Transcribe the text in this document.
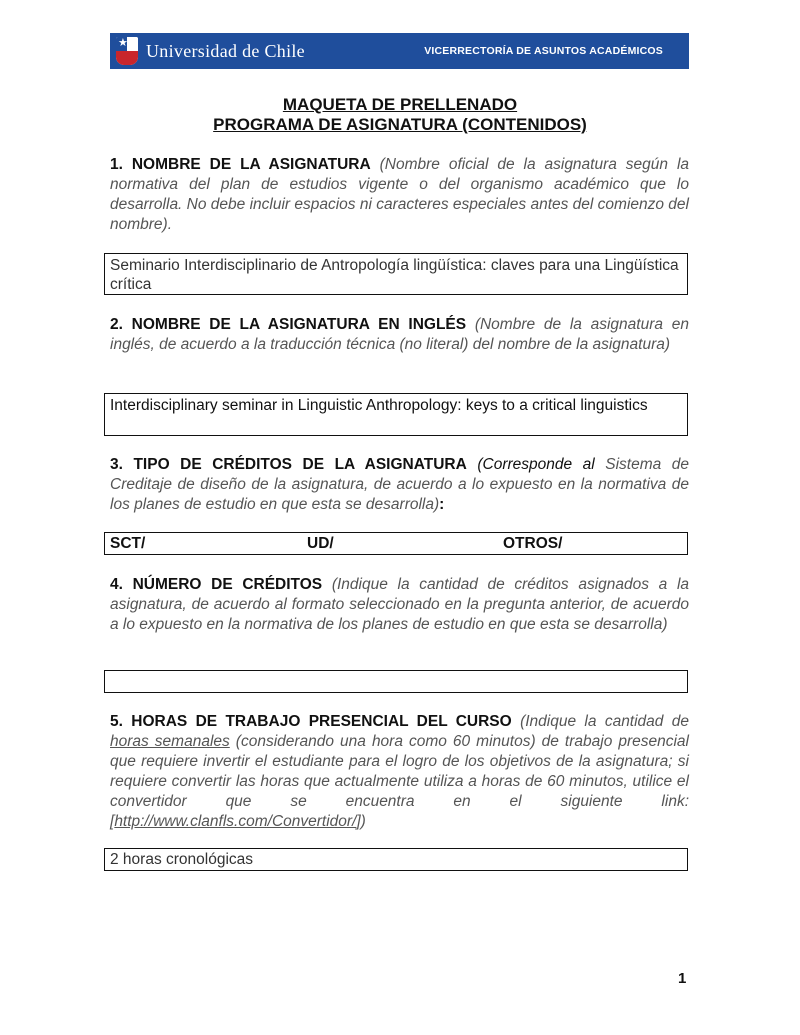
★ Universidad de Chile	VICERRECTORÍA DE ASUNTOS ACADÉMICOS
MAQUETA DE PRELLENADO
PROGRAMA DE ASIGNATURA (CONTENIDOS)
1. NOMBRE DE LA ASIGNATURA (Nombre oficial de la asignatura según la normativa del plan de estudios vigente o del organismo académico que lo desarrolla. No debe incluir espacios ni caracteres especiales antes del comienzo del nombre).
Seminario Interdisciplinario de Antropología lingüística: claves para una Lingüística crítica
2. NOMBRE DE LA ASIGNATURA EN INGLÉS (Nombre de la asignatura en inglés, de acuerdo a la traducción técnica (no literal) del nombre de la asignatura)
Interdisciplinary seminar in Linguistic Anthropology: keys to a critical linguistics
3. TIPO DE CRÉDITOS DE LA ASIGNATURA (Corresponde al Sistema de Creditaje de diseño de la asignatura, de acuerdo a lo expuesto en la normativa de los planes de estudio en que esta se desarrolla):
SCT/	UD/	OTROS/
4. NÚMERO DE CRÉDITOS (Indique la cantidad de créditos asignados a la asignatura, de acuerdo al formato seleccionado en la pregunta anterior, de acuerdo a lo expuesto en la normativa de los planes de estudio en que esta se desarrolla)
5. HORAS DE TRABAJO PRESENCIAL DEL CURSO (Indique la cantidad de horas semanales (considerando una hora como 60 minutos) de trabajo presencial que requiere invertir el estudiante para el logro de los objetivos de la asignatura; si requiere convertir las horas que actualmente utiliza a horas de 60 minutos, utilice el convertidor que se encuentra en el siguiente link: [http://www.clanfls.com/Convertidor/])
2 horas cronológicas
1
